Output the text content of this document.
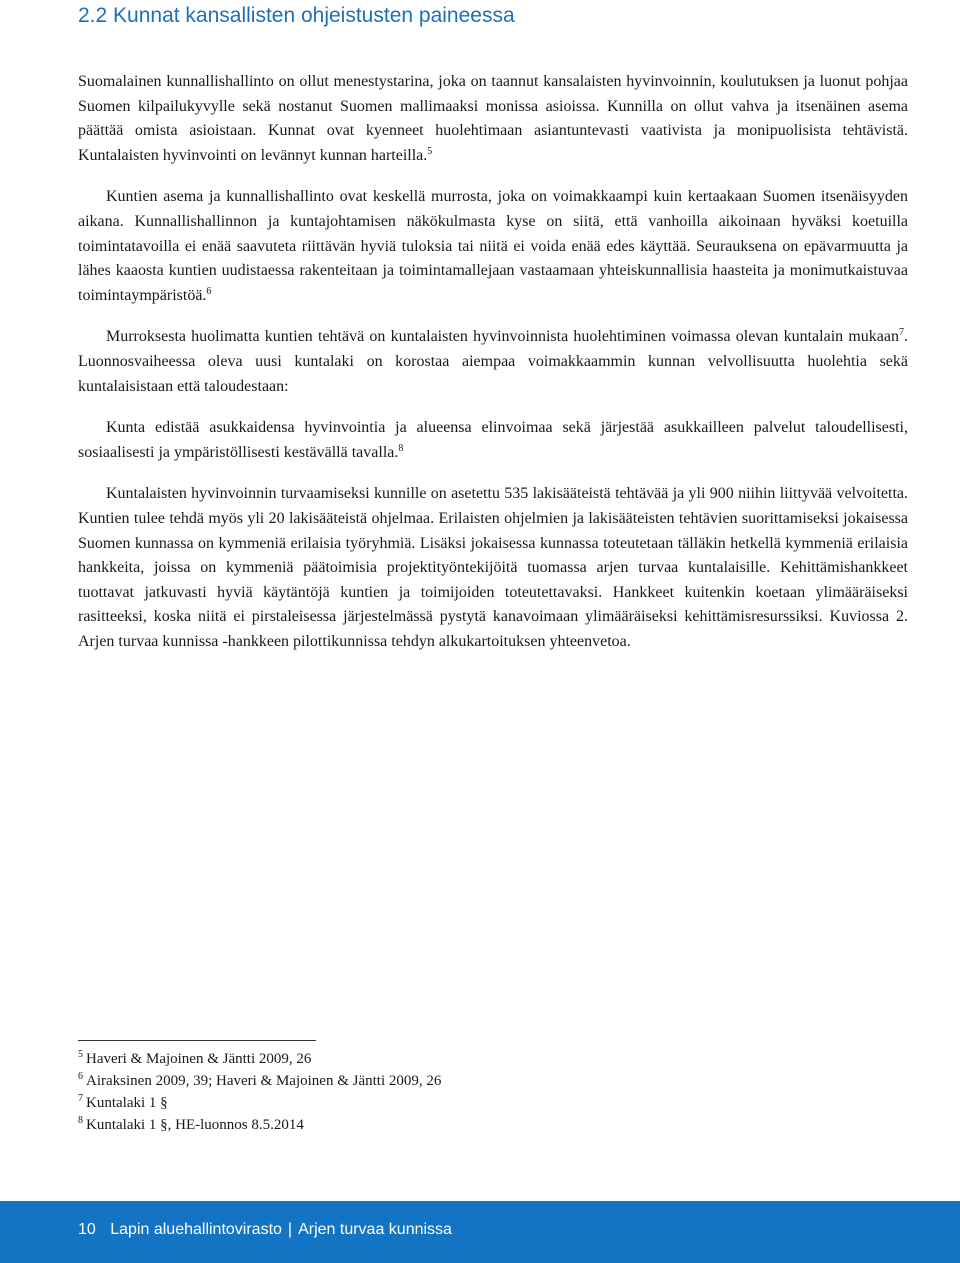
2.2 Kunnat kansallisten ohjeistusten paineessa

Suomalainen kunnallishallinto on ollut menestystarina, joka on taannut kansalaisten hyvinvoinnin, koulutuksen ja luonut pohjaa Suomen kilpailukyvylle sekä nostanut Suomen mallimaaksi monissa asioissa. Kunnilla on ollut vahva ja itsenäinen asema päättää omista asioistaan. Kunnat ovat kyenneet huolehtimaan asiantuntevasti vaativista ja monipuolisista tehtävistä. Kuntalaisten hyvinvointi on levännyt kunnan harteilla.$^5$

Kuntien asema ja kunnallishallinto ovat keskellä murrosta, joka on voimakkaampi kuin kertaakaan Suomen itsenäisyyden aikana. Kunnallishallinnon ja kuntajohtamisen näkökulmasta kyse on siitä, että vanhoilla aikoinaan hyväksi koetuilla toimintatavoilla ei enää saavuteta riittävän hyviä tuloksia tai niitä ei voida enää edes käyttää. Seurauksena on epävarmuutta ja lähes kaaosta kuntien uudistaessa rakenteitaan ja toimintamallejaan vastaamaan yhteiskunnallisia haasteita ja monimutkaistuvaa toimintaympäristöä.$^6$

Murroksesta huolimatta kuntien tehtävä on kuntalaisten hyvinvoinnista huolehtiminen voimassa olevan kuntalain mukaan$^7$. Luonnosvaiheessa oleva uusi kuntalaki on korostaa aiempaa voimakkaammin kunnan velvollisuutta huolehtia sekä kuntalaisistaan että taloudestaan:

Kunta edistää asukkaidensa hyvinvointia ja alueensa elinvoimaa sekä järjestää asukkailleen palvelut taloudellisesti, sosiaalisesti ja ympäristöllisesti kestävällä tavalla.$^8$

Kuntalaisten hyvinvoinnin turvaamiseksi kunnille on asetettu 535 lakisääteistä tehtävää ja yli 900 niihin liittyvää velvoitetta. Kuntien tulee tehdä myös yli 20 lakisääteistä ohjelmaa. Erilaisten ohjelmien ja lakisääteisten tehtävien suorittamiseksi jokaisessa Suomen kunnassa on kymmeniä erilaisia työryhmiä. Lisäksi jokaisessa kunnassa toteutetaan tälläkin hetkellä kymmeniä erilaisia hankkeita, joissa on kymmeniä päätoimisia projektityöntekijöitä tuomassa arjen turvaa kuntalaisille. Kehittämishankkeet tuottavat jatkuvasti hyviä käytäntöjä kuntien ja toimijoiden toteutettavaksi. Hankkeet kuitenkin koetaan ylimääräiseksi rasitteeksi, koska niitä ei pirstaleisessa järjestelmässä pystytä kanavoimaan ylimääräiseksi kehittämisresurssiksi. Kuviossa 2. Arjen turvaa kunnissa -hankkeen pilottikunnissa tehdyn alkukartoituksen yhteenvetoa.

$^5$ Haveri & Majoinen & Jäntti 2009, 26

$^6$ Airaksinen 2009, 39; Haveri & Majoinen & Jäntti 2009, 26

$^7$ Kuntalaki 1 §

$^8$ Kuntalaki 1 §, HE-luonnos 8.5.2014

10 Lapin aluehallintovirasto | Arjen turvaa kunnissa
